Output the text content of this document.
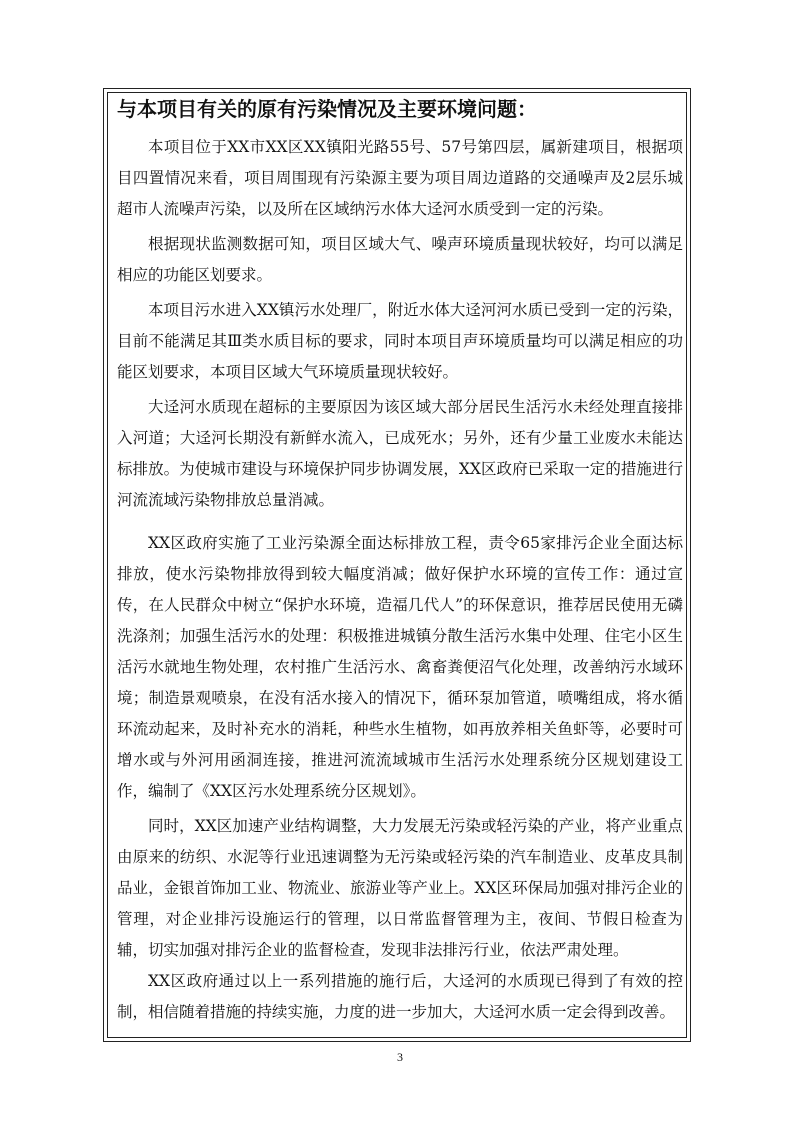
与本项目有关的原有污染情况及主要环境问题：

本项目位于XX市XX区XX镇阳光路55号、57号第四层，属新建项目，根据项目四置情况来看，项目周围现有污染源主要为项目周边道路的交通噪声及2层乐城超市人流噪声污染，以及所在区域纳污水体大迳河水质受到一定的污染。

根据现状监测数据可知，项目区域大气、噪声环境质量现状较好，均可以满足相应的功能区划要求。

本项目污水进入XX镇污水处理厂，附近水体大迳河河水质已受到一定的污染，目前不能满足其Ⅲ类水质目标的要求，同时本项目声环境质量均可以满足相应的功能区划要求，本项目区域大气环境质量现状较好。

大迳河水质现在超标的主要原因为该区域大部分居民生活污水未经处理直接排入河道；大迳河长期没有新鲜水流入，已成死水；另外，还有少量工业废水未能达标排放。为使城市建设与环境保护同步协调发展，XX区政府已采取一定的措施进行河流流域污染物排放总量消减。

XX区政府实施了工业污染源全面达标排放工程，责令65家排污企业全面达标排放，使水污染物排放得到较大幅度消减；做好保护水环境的宣传工作：通过宣传，在人民群众中树立“保护水环境，造福几代人”的环保意识，推荐居民使用无磷洗涤剂；加强生活污水的处理：积极推进城镇分散生活污水集中处理、住宅小区生活污水就地生物处理，农村推广生活污水、禽畜粪便沼气化处理，改善纳污水域环境；制造景观喷泉，在没有活水接入的情况下，循环泵加管道，喷嘴组成，将水循环流动起来，及时补充水的消耗，种些水生植物，如再放养相关鱼虾等，必要时可增水或与外河用函洞连接，推进河流流域城市生活污水处理系统分区规划建设工作，编制了《XX区污水处理系统分区规划》。

同时，XX区加速产业结构调整，大力发展无污染或轻污染的产业，将产业重点由原来的纺织、水泥等行业迅速调整为无污染或轻污染的汽车制造业、皮革皮具制品业，金银首饰加工业、物流业、旅游业等产业上。XX区环保局加强对排污企业的管理，对企业排污设施运行的管理，以日常监督管理为主，夜间、节假日检查为辅，切实加强对排污企业的监督检查，发现非法排污行业，依法严肃处理。

XX区政府通过以上一系列措施的施行后，大迳河的水质现已得到了有效的控制，相信随着措施的持续实施，力度的进一步加大，大迳河水质一定会得到改善。

3
